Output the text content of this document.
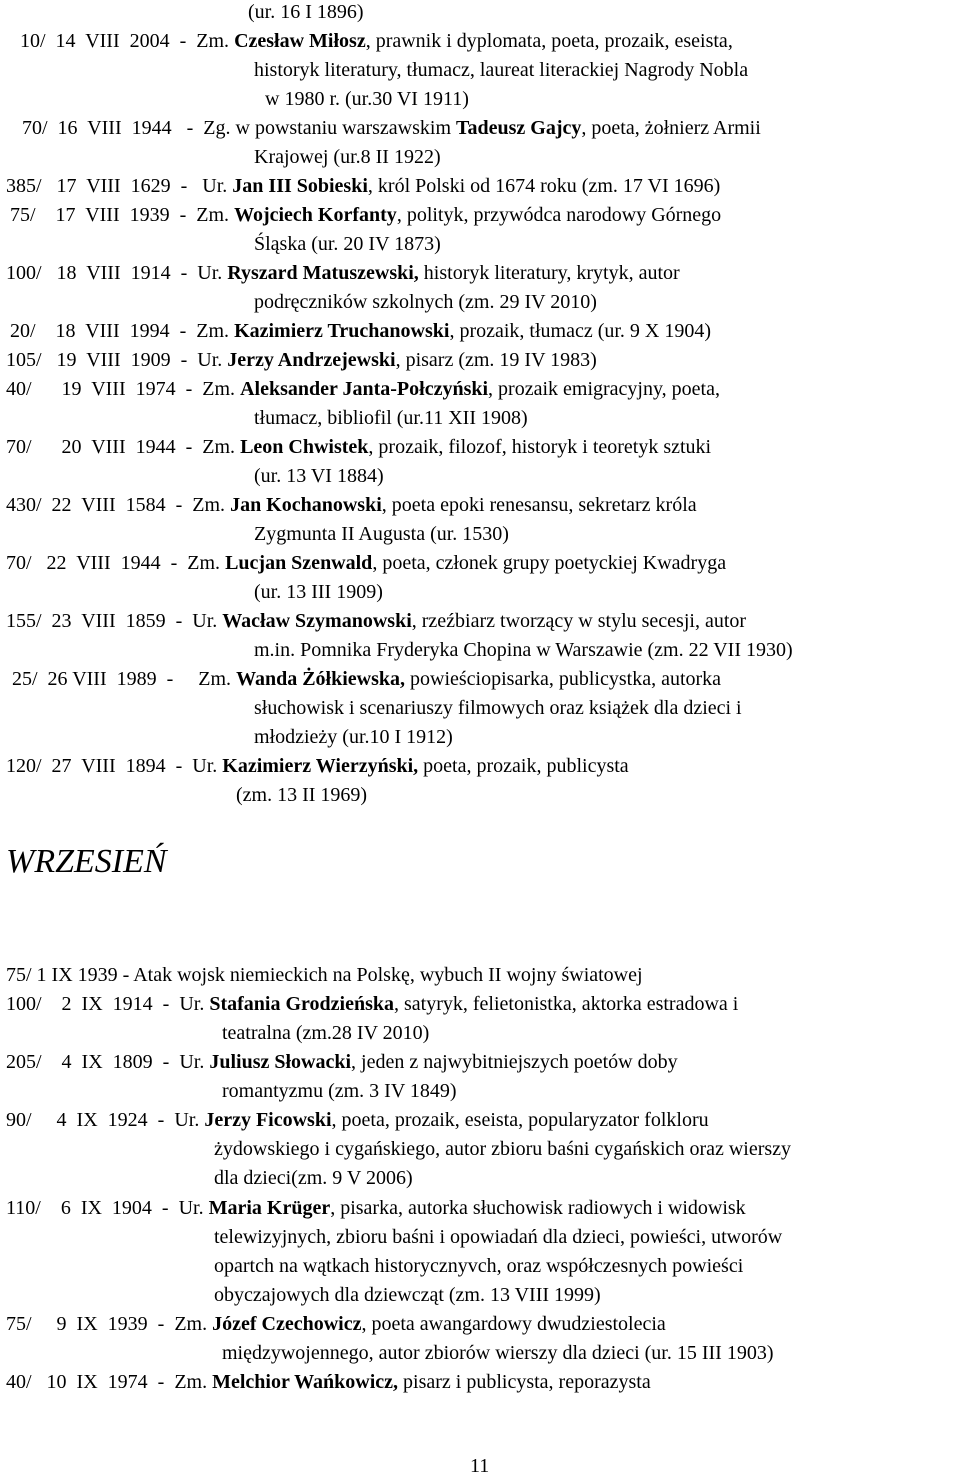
(ur. 16 I 1896)
10/  14  VIII  2004  -  Zm. Czesław Miłosz, prawnik i dyplomata, poeta, prozaik, eseista,
historyk literatury, tłumacz, laureat literackiej Nagrody Nobla
w 1980 r. (ur.30 VI 1911)
70/  16  VIII  1944   -  Zg. w powstaniu warszawskim Tadeusz Gajcy, poeta, żołnierz Armii
Krajowej (ur.8 II 1922)
385/   17  VIII  1629  -   Ur. Jan III Sobieski, król Polski od 1674 roku (zm. 17 VI 1696)
75/    17  VIII  1939  -  Zm. Wojciech Korfanty, polityk, przywódca narodowy Górnego
Śląska (ur. 20 IV 1873)
100/   18  VIII  1914  -  Ur. Ryszard Matuszewski, historyk literatury, krytyk, autor
podręczników szkolnych (zm. 29 IV 2010)
20/    18  VIII  1994  -  Zm. Kazimierz Truchanowski, prozaik, tłumacz (ur. 9 X 1904)
105/   19  VIII  1909  -  Ur. Jerzy Andrzejewski, pisarz (zm. 19 IV 1983)
40/      19  VIII  1974  -  Zm. Aleksander Janta-Połczyński, prozaik emigracyjny, poeta,
tłumacz, bibliofil (ur.11 XII 1908)
70/      20  VIII  1944  -  Zm. Leon Chwistek, prozaik, filozof, historyk i teoretyk sztuki
(ur. 13 VI 1884)
430/  22  VIII  1584  -  Zm. Jan Kochanowski, poeta epoki renesansu, sekretarz króla
Zygmunta II Augusta (ur. 1530)
70/   22  VIII  1944  -  Zm. Lucjan Szenwald, poeta, członek grupy poetyckiej Kwadryga
(ur. 13 III 1909)
155/  23  VIII  1859  -  Ur. Wacław Szymanowski, rzeźbiarz tworzący w stylu secesji, autor
m.in. Pomnika Fryderyka Chopina w Warszawie (zm. 22 VII 1930)
25/  26 VIII  1989  -     Zm. Wanda Żółkiewska, powieściopisarka, publicystka, autorka
słuchowisk i scenariuszy filmowych oraz książek dla dzieci i
młodzieży (ur.10 I 1912)
120/  27  VIII  1894  -  Ur. Kazimierz Wierzyński, poeta, prozaik, publicysta
(zm. 13 II 1969)
WRZESIEŃ
75/ 1 IX 1939 - Atak wojsk niemieckich na Polskę, wybuch II wojny światowej
100/    2  IX  1914  -  Ur. Stafania Grodzieńska, satyryk, felietonistka, aktorka estradowa i
teatralna (zm.28 IV 2010)
205/    4  IX  1809  -  Ur. Juliusz Słowacki, jeden z najwybitniejszych poetów doby
romantyzmu (zm. 3 IV 1849)
90/     4  IX  1924  -  Ur. Jerzy Ficowski, poeta, prozaik, eseista, popularyzator folkloru
żydowskiego i cygańskiego, autor zbioru baśni cygańskich oraz wierszy
dla dzieci(zm. 9 V 2006)
110/    6  IX  1904  -  Ur. Maria Krüger, pisarka, autorka słuchowisk radiowych i widowisk
telewizyjnych, zbioru baśni i opowiadań dla dzieci, powieści, utworów
opartch na wątkach historycznyvch, oraz współczesnych powieści
obyczajowych dla dziewcząt (zm. 13 VIII 1999)
75/     9  IX  1939  -  Zm. Józef Czechowicz, poeta awangardowy dwudziestolecia
międzywojennego, autor zbiorów wierszy dla dzieci (ur. 15 III 1903)
40/   10  IX  1974  -  Zm. Melchior Wańkowicz, pisarz i publicysta, reporazysta
11
